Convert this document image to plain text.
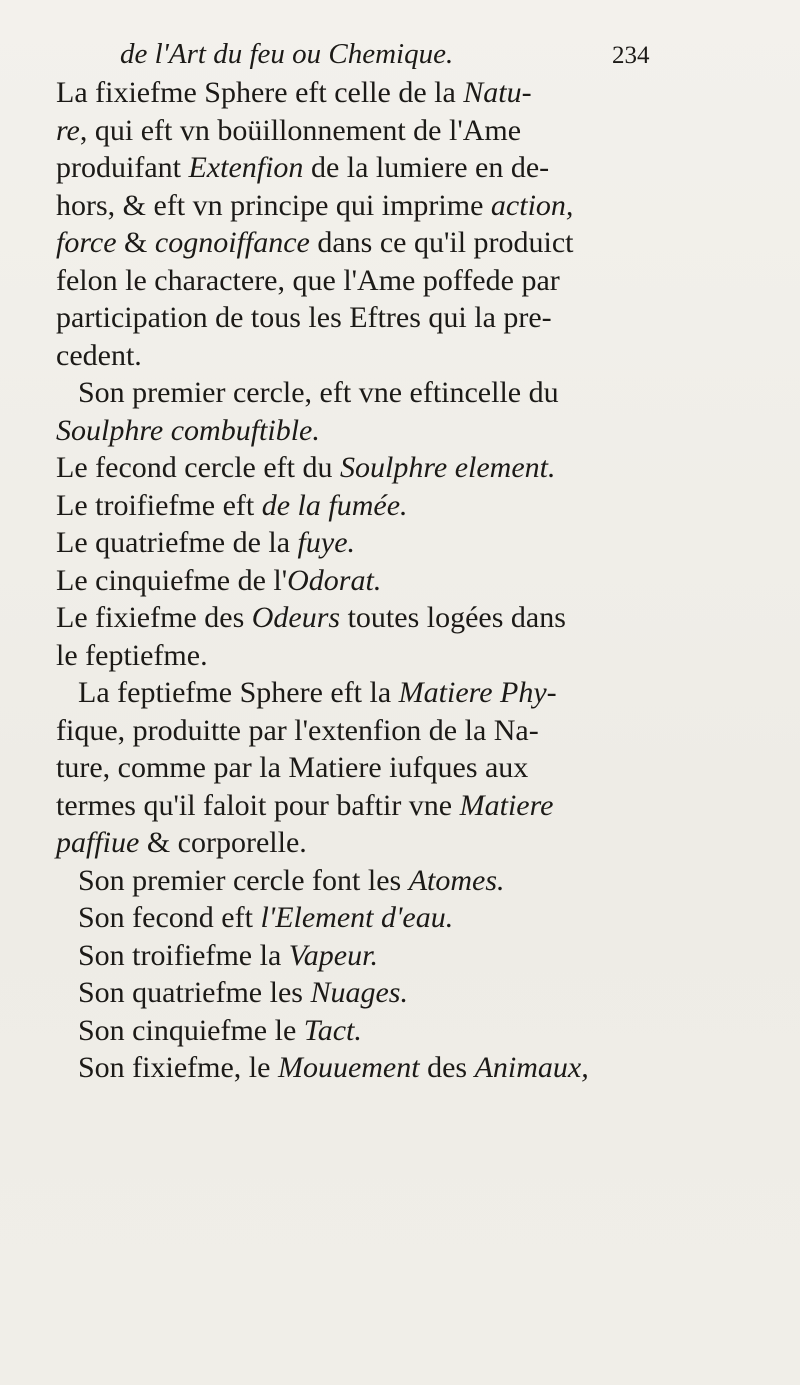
de l'Art du feu ou Chemique.	234
La fixiefme Sphere eft celle de la Natu-
re, qui eft vn boüillonnement de l'Ame
produifant Extenfion de la lumiere en de-
hors, & eft vn principe qui imprime action,
force & cognoiffance dans ce qu'il produict
felon le charactere, que l'Ame poffede par
participation de tous les Eftres qui la pre-
cedent.
Son premier cercle, eft vne eftincelle du
Soulphre combuftible.
Le fecond cercle eft du Soulphre element.
Le troifiefme eft de la fumée.
Le quatriefme de la fuye.
Le cinquiefme de l'Odorat.
Le fixiefme des Odeurs toutes logées dans
le feptiefme.
La feptiefme Sphere eft la Matiere Phy-
fique, produitte par l'extenfion de la Na-
ture, comme par la Matiere iufques aux
termes qu'il faloit pour baftir vne Matiere
paffiue & corporelle.
Son premier cercle font les Atomes.
Son fecond eft l'Element d'eau.
Son troifiefme la Vapeur.
Son quatriefme les Nuages.
Son cinquiefme le Tact.
Son fixiefme, le Mouuement des Animaux,
